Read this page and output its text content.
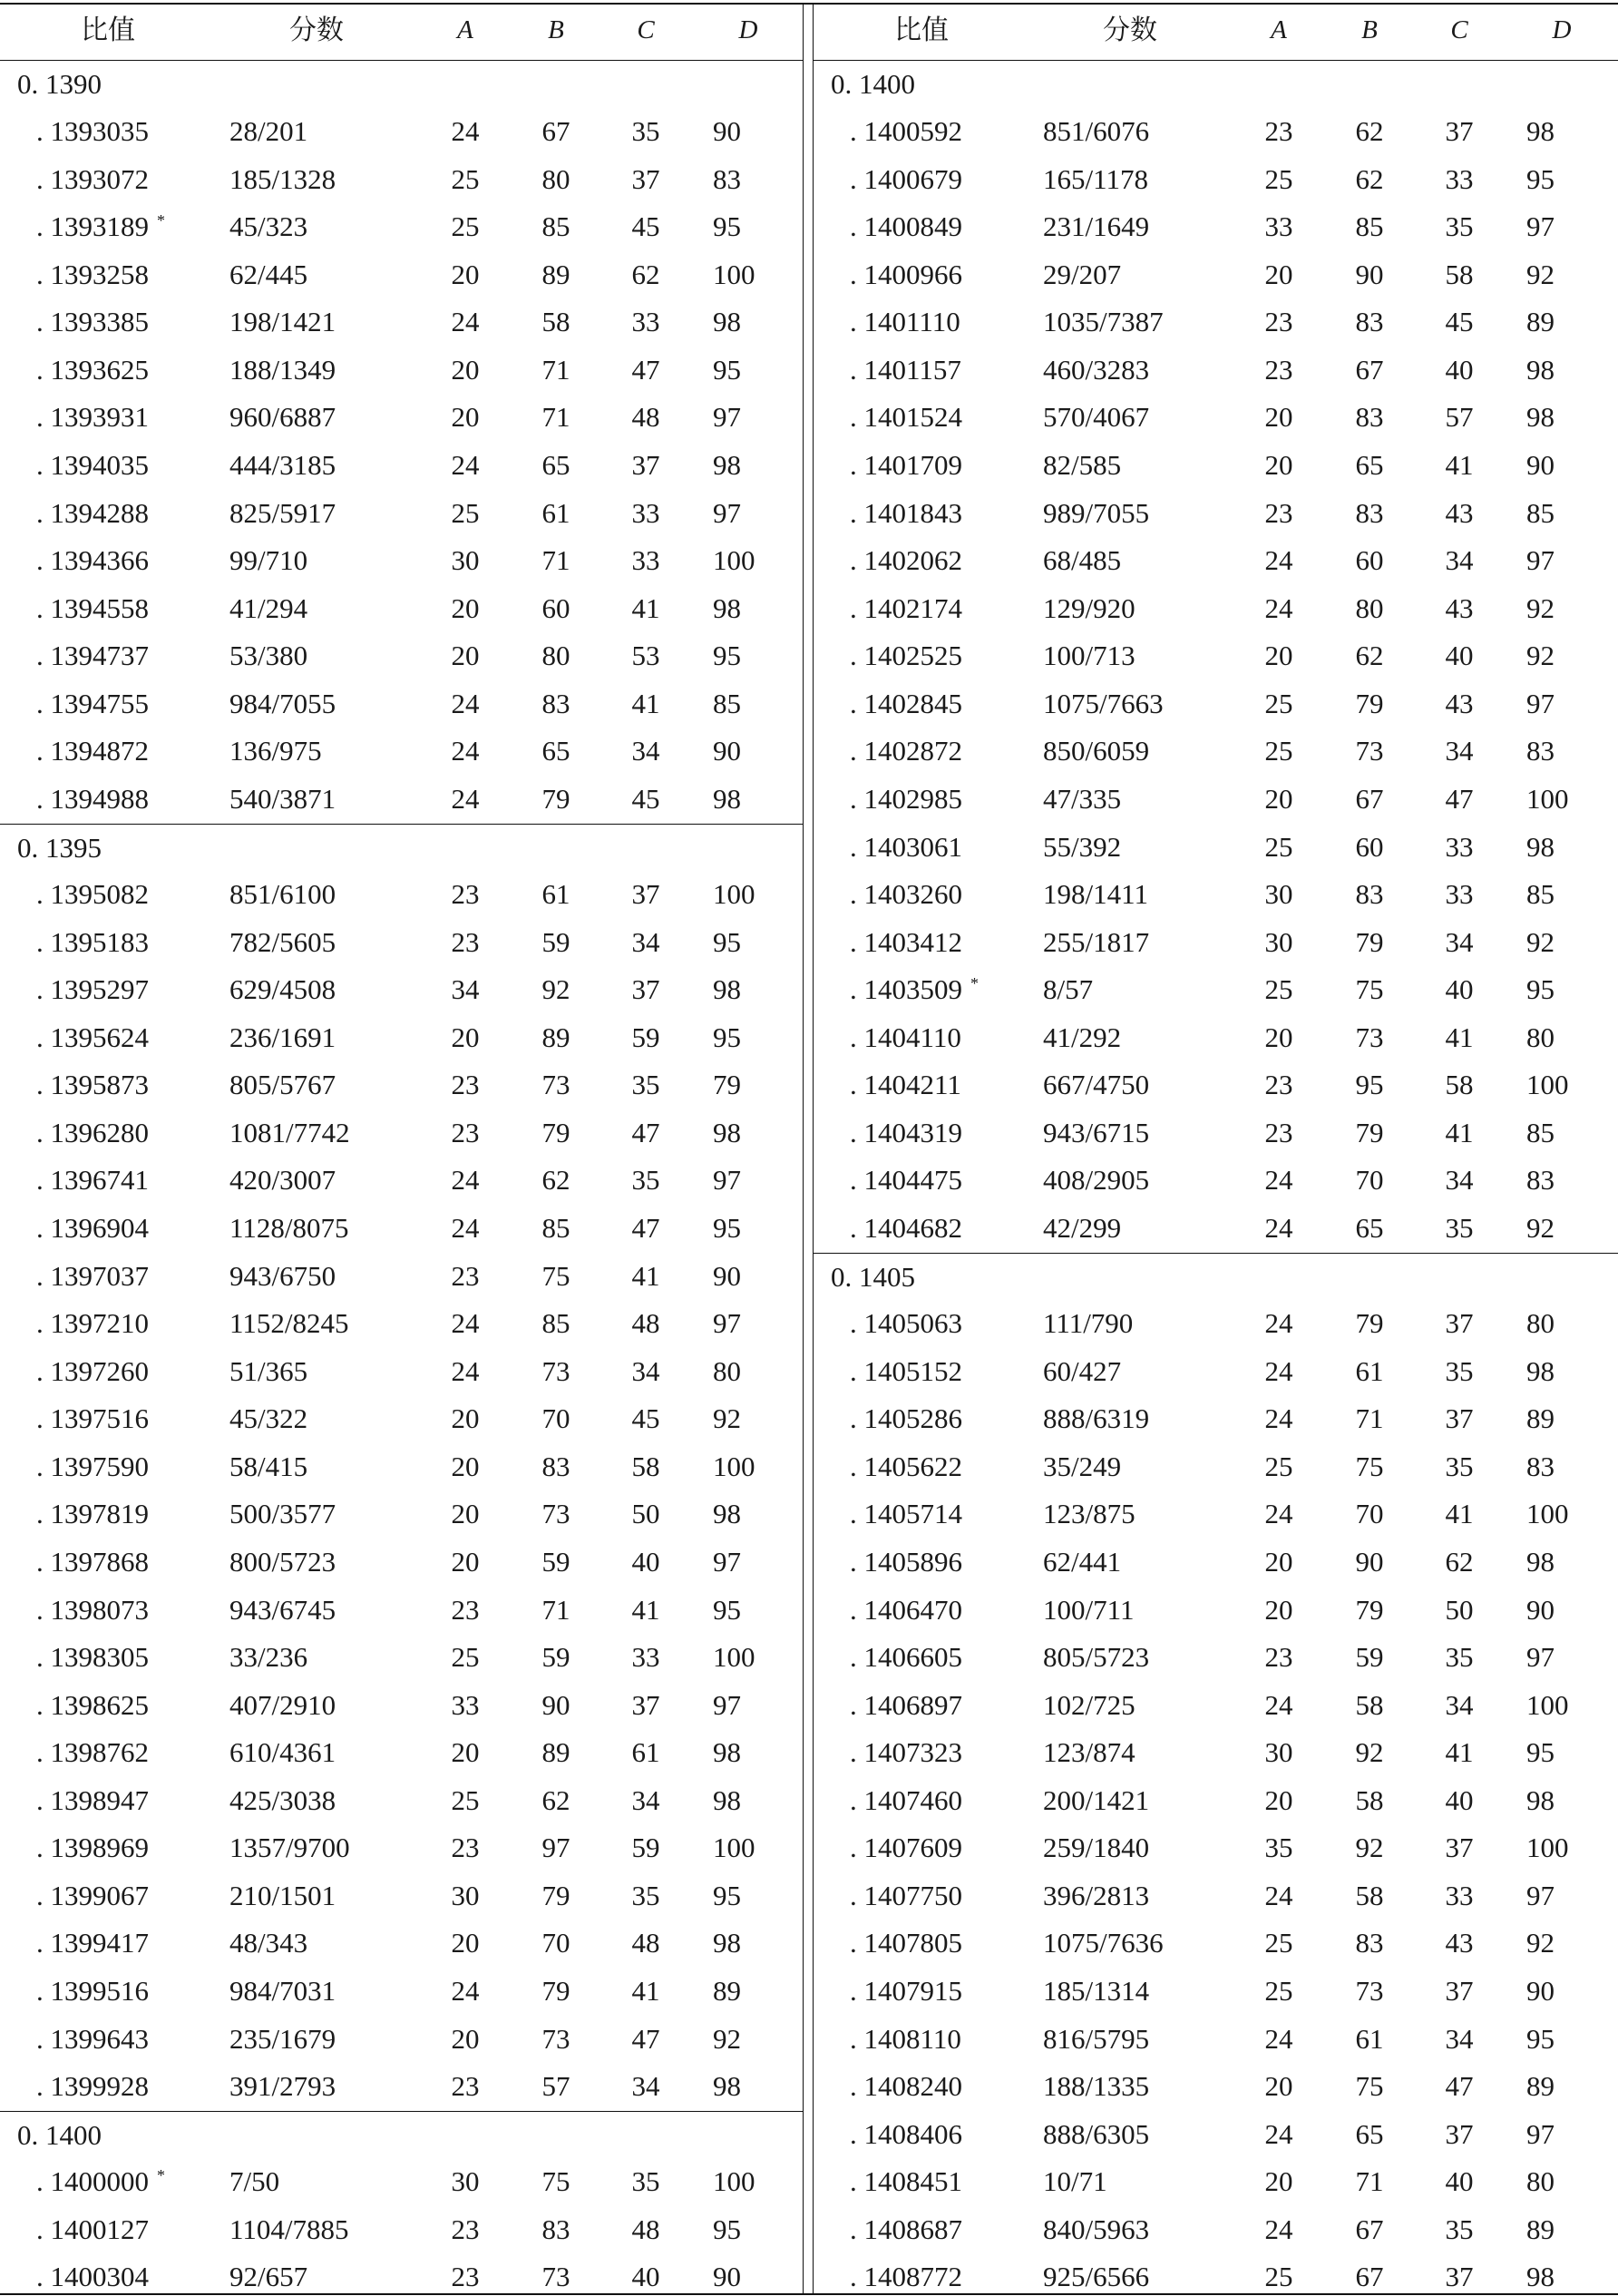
比值	分数	A	B	C	D
0. 1390
. 1393035	28/201	24	67	35	90
. 1393072	185/1328	25	80	37	83
. 1393189 * 45/323	25	85	45	95
. 1393258	62/445	20	89	62	100
. 1393385	198/1421	24	58	33	98
. 1393625	188/1349	20	71	47	95
. 1393931	960/6887	20	71	48	97
. 1394035	444/3185	24	65	37	98
. 1394288	825/5917	25	61	33	97
. 1394366	99/710	30	71	33	100
. 1394558	41/294	20	60	41	98
. 1394737	53/380	20	80	53	95
. 1394755	984/7055	24	83	41	85
. 1394872	136/975	24	65	34	90
. 1394988	540/3871	24	79	45	98
0. 1395
. 1395082	851/6100	23	61	37	100
. 1395183	782/5605	23	59	34	95
. 1395297	629/4508	34	92	37	98
. 1395624	236/1691	20	89	59	95
. 1395873	805/5767	23	73	35	79
. 1396280	1081/7742	23	79	47	98
. 1396741	420/3007	24	62	35	97
. 1396904	1128/8075	24	85	47	95
. 1397037	943/6750	23	75	41	90
. 1397210	1152/8245	24	85	48	97
. 1397260	51/365	24	73	34	80
. 1397516	45/322	20	70	45	92
. 1397590	58/415	20	83	58	100
. 1397819	500/3577	20	73	50	98
. 1397868	800/5723	20	59	40	97
. 1398073	943/6745	23	71	41	95
. 1398305	33/236	25	59	33	100
. 1398625	407/2910	33	90	37	97
. 1398762	610/4361	20	89	61	98
. 1398947	425/3038	25	62	34	98
. 1398969	1357/9700	23	97	59	100
. 1399067	210/1501	30	79	35	95
. 1399417	48/343	20	70	48	98
. 1399516	984/7031	24	79	41	89
. 1399643	235/1679	20	73	47	92
. 1399928	391/2793	23	57	34	98
0. 1400
. 1400000 * 7/50	30	75	35	100
. 1400127	1104/7885	23	83	48	95
. 1400304	92/657	23	73	40	90
比值	分数	A	B	C	D
0. 1400
. 1400592	851/6076	23	62	37	98
. 1400679	165/1178	25	62	33	95
. 1400849	231/1649	33	85	35	97
. 1400966	29/207	20	90	58	92
. 1401110	1035/7387	23	83	45	89
. 1401157	460/3283	23	67	40	98
. 1401524	570/4067	20	83	57	98
. 1401709	82/585	20	65	41	90
. 1401843	989/7055	23	83	43	85
. 1402062	68/485	24	60	34	97
. 1402174	129/920	24	80	43	92
. 1402525	100/713	20	62	40	92
. 1402845	1075/7663	25	79	43	97
. 1402872	850/6059	25	73	34	83
. 1402985	47/335	20	67	47	100
. 1403061	55/392	25	60	33	98
. 1403260	198/1411	30	83	33	85
. 1403412	255/1817	30	79	34	92
. 1403509 * 8/57	25	75	40	95
. 1404110	41/292	20	73	41	80
. 1404211	667/4750	23	95	58	100
. 1404319	943/6715	23	79	41	85
. 1404475	408/2905	24	70	34	83
. 1404682	42/299	24	65	35	92
0. 1405
. 1405063	111/790	24	79	37	80
. 1405152	60/427	24	61	35	98
. 1405286	888/6319	24	71	37	89
. 1405622	35/249	25	75	35	83
. 1405714	123/875	24	70	41	100
. 1405896	62/441	20	90	62	98
. 1406470	100/711	20	79	50	90
. 1406605	805/5723	23	59	35	97
. 1406897	102/725	24	58	34	100
. 1407323	123/874	30	92	41	95
. 1407460	200/1421	20	58	40	98
. 1407609	259/1840	35	92	37	100
. 1407750	396/2813	24	58	33	97
. 1407805	1075/7636	25	83	43	92
. 1407915	185/1314	25	73	37	90
. 1408110	816/5795	24	61	34	95
. 1408240	188/1335	20	75	47	89
. 1408406	888/6305	24	65	37	97
. 1408451	10/71	20	71	40	80
. 1408687	840/5963	24	67	35	89
. 1408772	925/6566	25	67	37	98
